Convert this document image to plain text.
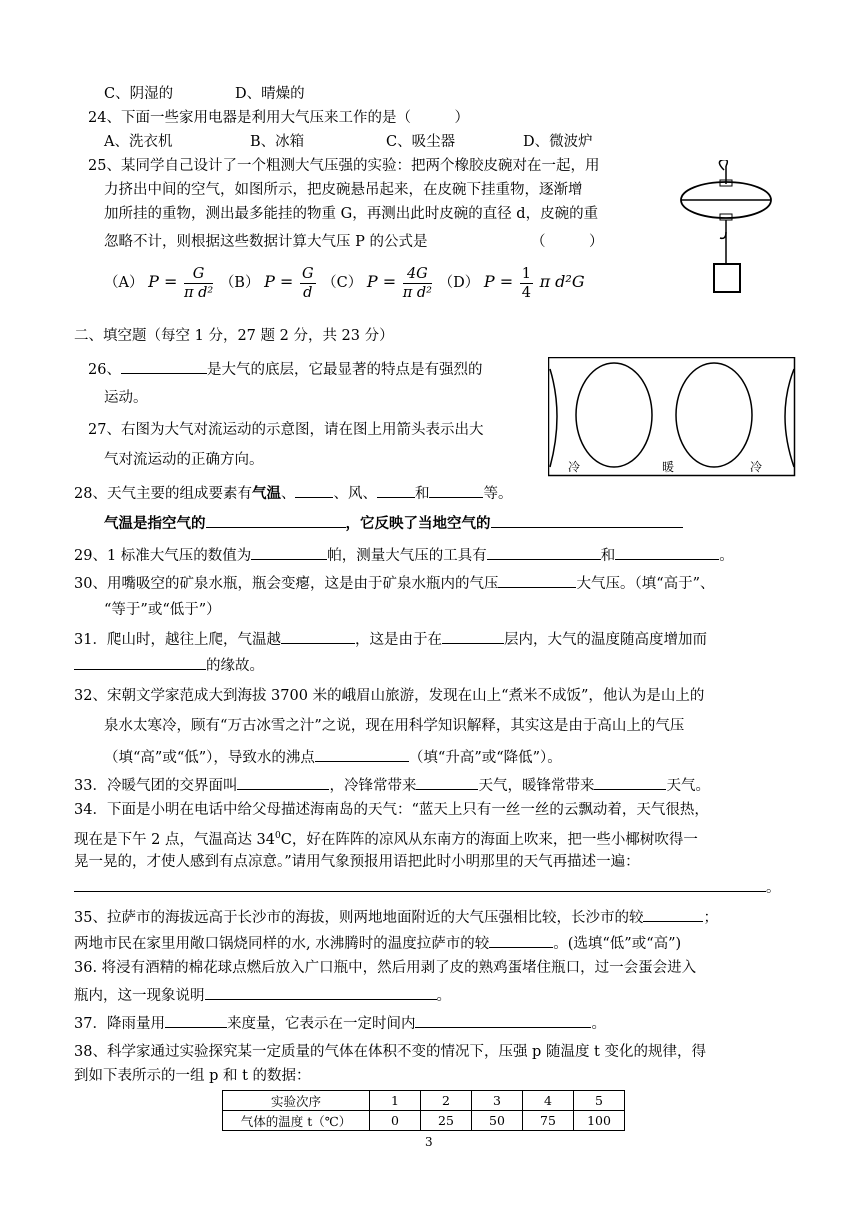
C、阴湿的	D、晴燥的
24、下面一些家用电器是利用大气压来工作的是（　　　）
A、洗衣机	B、冰箱	C、吸尘器	D、微波炉
25、某同学自己设计了一个粗测大气压强的实验：把两个橡胶皮碗对在一起，用
力挤出中间的空气，如图所示，把皮碗悬吊起来，在皮碗下挂重物，逐渐增
加所挂的重物，测出最多能挂的物重 G，再测出此时皮碗的直径 d，皮碗的重
忽略不计，则根据这些数据计算大气压 P 的公式是	（　　　）
（A） $P = \frac{G}{\text{π d²}} (B) P = \frac{G}{d} (C) P = \frac{4G}{\text{π d²}} (D) P = \frac{1}{4}$ π d²G
二、填空题（每空 1 分，27 题 2 分，共 23 分）
26、	是大气的底层，它最显著的特点是有强烈的
运动。
27、右图为大气对流运动的示意图，请在图上用箭头表示出大
气对流运动的正确方向。	冷	暖	冷
28、天气主要的组成要素有气温、	、风、	和	等。
气温是指空气的	，它反映了当地空气的
29、1 标准大气压的数值为	帕，测量大气压的工具有	和	。
30、用嘴吸空的矿泉水瓶，瓶会变瘪，这是由于矿泉水瓶内的气压	大气压。（填“高于”、
“等于”或“低于”）
31．爬山时，越往上爬，气温越	，这是由于在	层内，大气的温度随高度增加而
的缘故。
32、宋朝文学家范成大到海拔 3700 米的峨眉山旅游，发现在山上“煮米不成饭”，他认为是山上的
泉水太寒冷，顾有“万古冰雪之汁”之说，现在用科学知识解释，其实这是由于高山上的气压
（填“高”或“低”），导致水的沸点	（填“升高”或“降低”）。
33．冷暖气团的交界面叫	，冷锋常带来	天气，暖锋常带来	天气。
34．下面是小明在电话中给父母描述海南岛的天气：“蓝天上只有一丝一丝的云飘动着，天气很热，
现在是下午 2 点，气温高达 $34^0C$，好在阵阵的凉风从东南方的海面上吹来，把一些小椰树吹得一
晃一晃的，才使人感到有点凉意。”请用气象预报用语把此时小明那里的天气再描述一遍：
。
35、拉萨市的海拔远高于长沙市的海拔，则两地地面附近的大气压强相比较，长沙市的较	；
两地市民在家里用敞口锅烧同样的水, 水沸腾时的温度拉萨市的较	。(选填“低”或“高”)
36. 将浸有酒精的棉花球点燃后放入广口瓶中，然后用剥了皮的熟鸡蛋堵住瓶口，过一会蛋会进入
瓶内，这一现象说明	。
37．降雨量用	来度量，它表示在一定时间内	。
38、科学家通过实验探究某一定质量的气体在体积不变的情况下，压强 p 随温度 t 变化的规律，得
到如下表所示的一组 p 和 t 的数据：
实验次序	1	2	3	4	5
气体的温度 t（℃）	0	25	50	75	100
3
